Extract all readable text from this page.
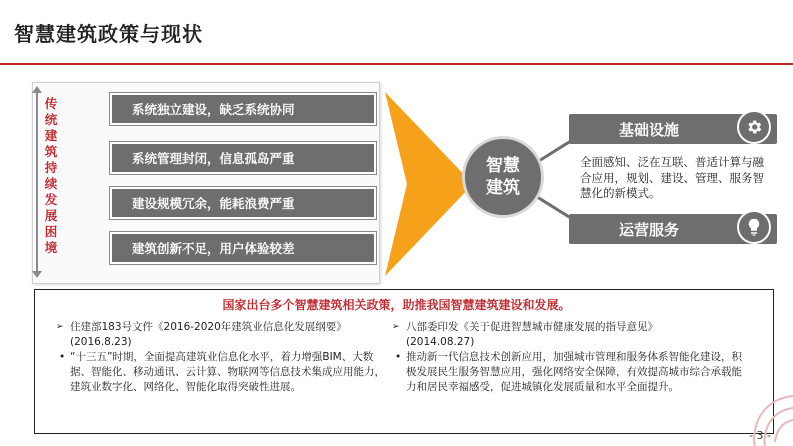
智慧建筑政策与现状
传统建筑持续发展困境
系统独立建设，缺乏系统协同
系统管理封闭，信息孤岛严重
建设规模冗余，能耗浪费严重
建筑创新不足，用户体验较差
智慧
建筑
基础设施
全面感知、泛在互联、普适计算与融合应用，规划、建设、管理、服务智慧化的新模式。
运营服务
国家出台多个智慧建筑相关政策，助推我国智慧建筑建设和发展。
➢ 住建部183号文件《2016-2020年建筑业信息化发展纲要》
(2016.8.23)
• “十三五”时期，全面提高建筑业信息化水平，着力增强BIM、大数据、智能化、移动通讯、云计算、物联网等信息技术集成应用能力，建筑业数字化、网络化、智能化取得突破性进展。
➢ 八部委印发《关于促进智慧城市健康发展的指导意见》
(2014.08.27)
• 推动新一代信息技术创新应用，加强城市管理和服务体系智能化建设，积极发展民生服务智慧应用，强化网络安全保障，有效提高城市综合承载能力和居民幸福感受，促进城镇化发展质量和水平全面提升。
- 3 -
